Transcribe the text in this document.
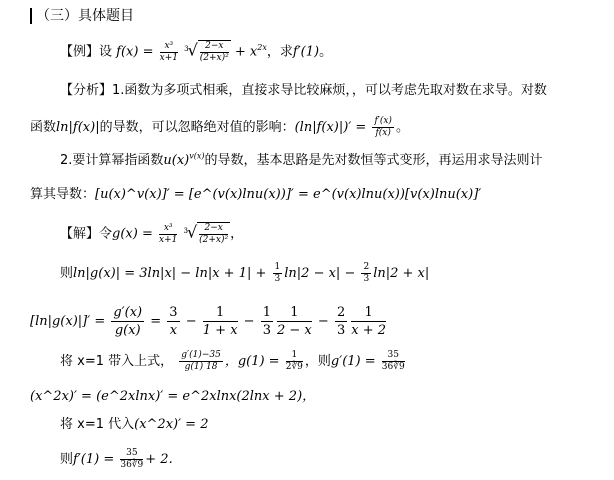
（三）具体题目
【例】设 $f(x) = \frac{\text{x³}}{x+1} ^3√ \frac{2-x}{\text{(2+x)²}} + x^{2x}$，求f′(1)。
【分析】1.函数为多项式相乘，直接求导比较麻烦，，可以考虑先取对数在求导。对数
函数ln|f(x)|的导数，可以忽略绝对值的影响：$(\ln|f(x)|)' = \frac{f'(x)}{f(x)}$ 。
2.要计算幂指函数$u(x)^{v(x)}$的导数，基本思路是先对数恒等式变形，再运用求导法则计
算其导数：[u(x)^v(x)]′ = [e^(v(x)lnu(x))]′ = e^(v(x)lnu(x))[v(x)lnu(x)]′
【解】令$g(x) = \frac{\text{x³}}{x+1} ^3√ \frac{2-x}{\text{(2+x)²}}$ ，
则$\ln|g(x)| = 3\ln|x| - \ln|x + 1| + \frac{1}{3} \ln|2 - x| - \frac{2}{3} \ln|2 + x|$
$[\ln|g(x)|]' = \frac{g'(x)}{g(x)} = \frac{3}{x} - \frac{1}{1 + x} - \frac{1}{3} \frac{1}{2 - x} - \frac{2}{3} \frac{1}{x + 2}$
将 x=1 带入上式， $\frac{g'(1)-35}{g(1) 18}$ ，$g(1) = \frac{1}{2∛9}$ ，则$g'(1) = \frac{35}{36∛9}$
(x^2x)′ = (e^2xlnx)′ = e^2xlnx(2lnx + 2)，
将 x=1 代入(x^2x)′ = 2
则$f'(1) = \frac{35}{36∛9} + 2$.
